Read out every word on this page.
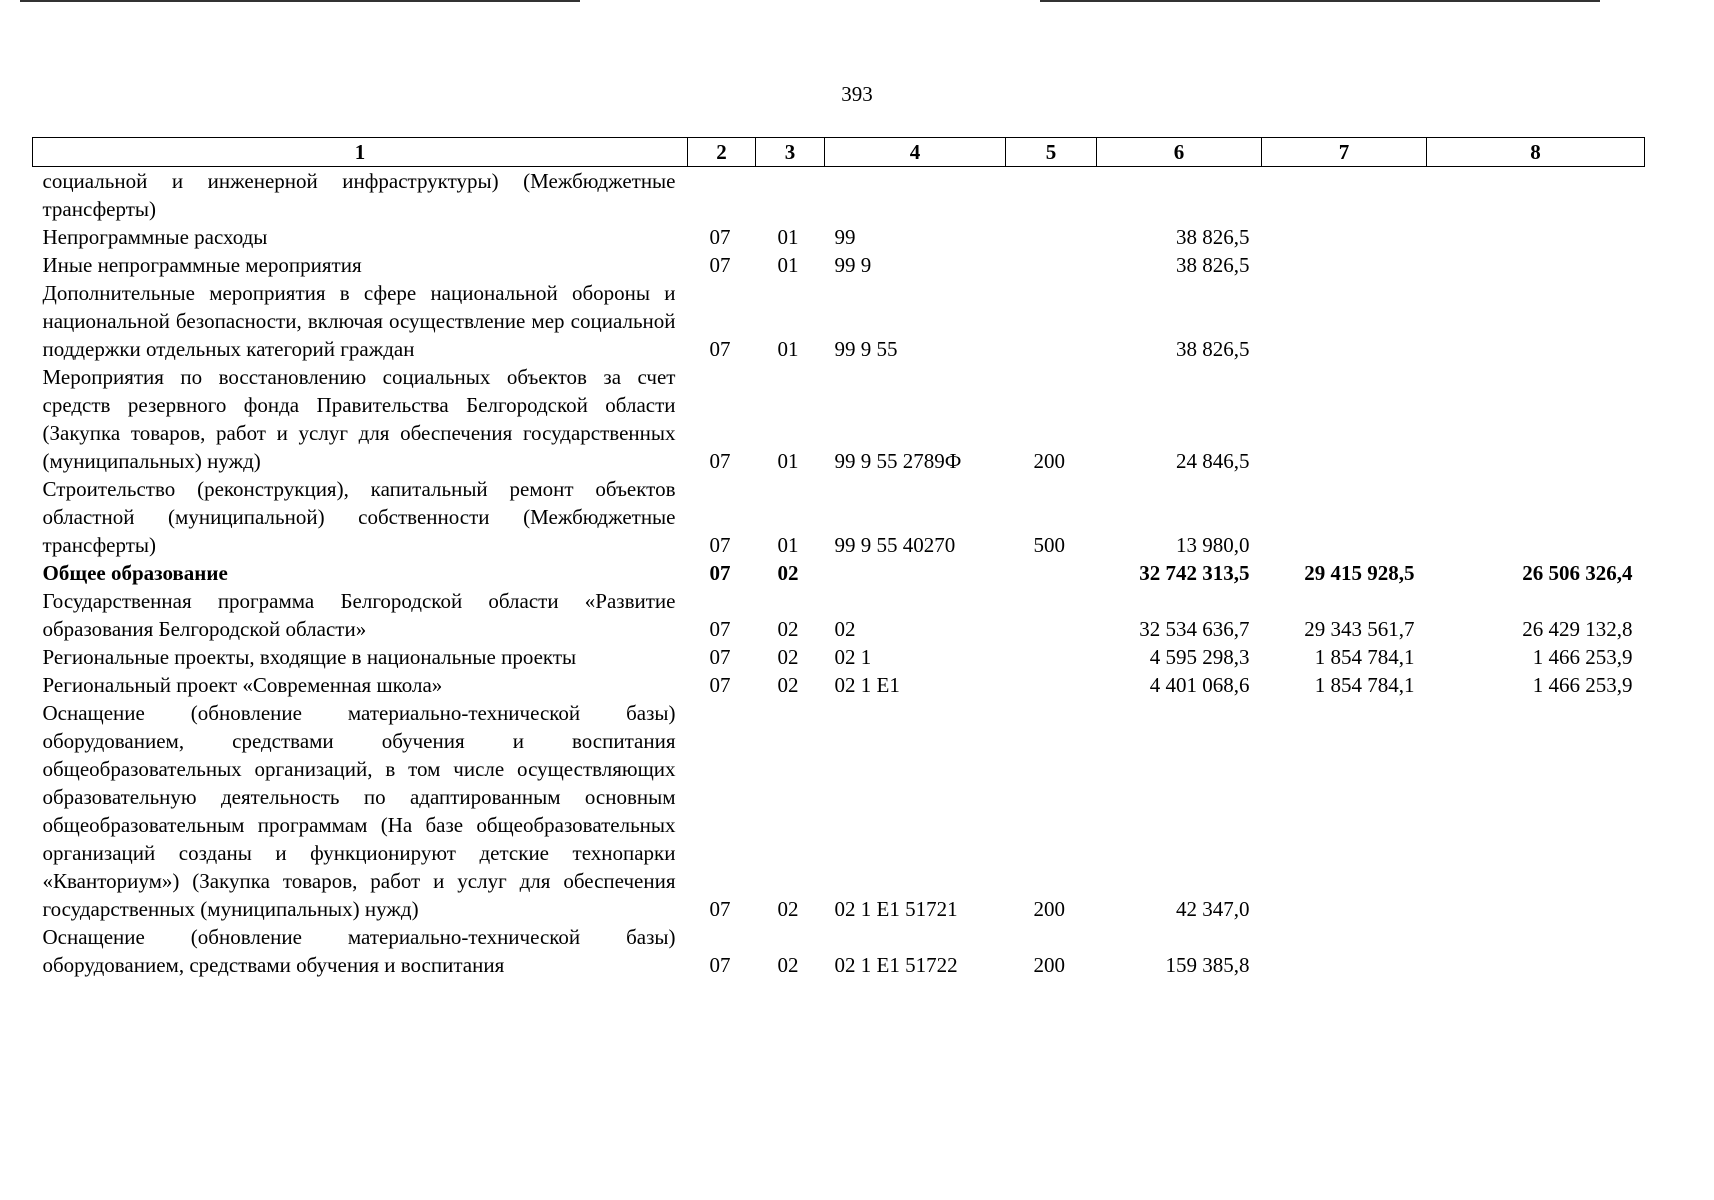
393
1	2	3	4	5	6	7	8
социальной и инженерной инфраструктуры) (Межбюджетные трансферты)							
Непрограммные расходы	07	01	99		38 826,5		
Иные непрограммные мероприятия	07	01	99 9		38 826,5		
Дополнительные мероприятия в сфере национальной обороны и национальной безопасности, включая осуществление мер социальной поддержки отдельных категорий граждан	07	01	99 9 55		38 826,5		
Мероприятия по восстановлению социальных объектов за счет средств резервного фонда Правительства Белгородской области (Закупка товаров, работ и услуг для обеспечения государственных (муниципальных) нужд)	07	01	99 9 55 2789Ф	200	24 846,5		
Строительство (реконструкция), капитальный ремонт объектов областной (муниципальной) собственности (Межбюджетные трансферты)	07	01	99 9 55 40270	500	13 980,0		
Общее образование	07	02			32 742 313,5	29 415 928,5	26 506 326,4
Государственная программа Белгородской области «Развитие образования Белгородской области»	07	02	02		32 534 636,7	29 343 561,7	26 429 132,8
Региональные проекты, входящие в национальные проекты	07	02	02 1		4 595 298,3	1 854 784,1	1 466 253,9
Региональный проект «Современная школа»	07	02	02 1 E1		4 401 068,6	1 854 784,1	1 466 253,9
Оснащение (обновление материально-технической базы) оборудованием, средствами обучения и воспитания общеобразовательных организаций, в том числе осуществляющих образовательную деятельность по адаптированным основным общеобразовательным программам (На базе общеобразовательных организаций созданы и функционируют детские технопарки «Кванториум») (Закупка товаров, работ и услуг для обеспечения государственных (муниципальных) нужд)	07	02	02 1 E1 51721	200	42 347,0		
Оснащение (обновление материально-технической базы) оборудованием, средствами обучения и воспитания	07	02	02 1 E1 51722	200	159 385,8		
